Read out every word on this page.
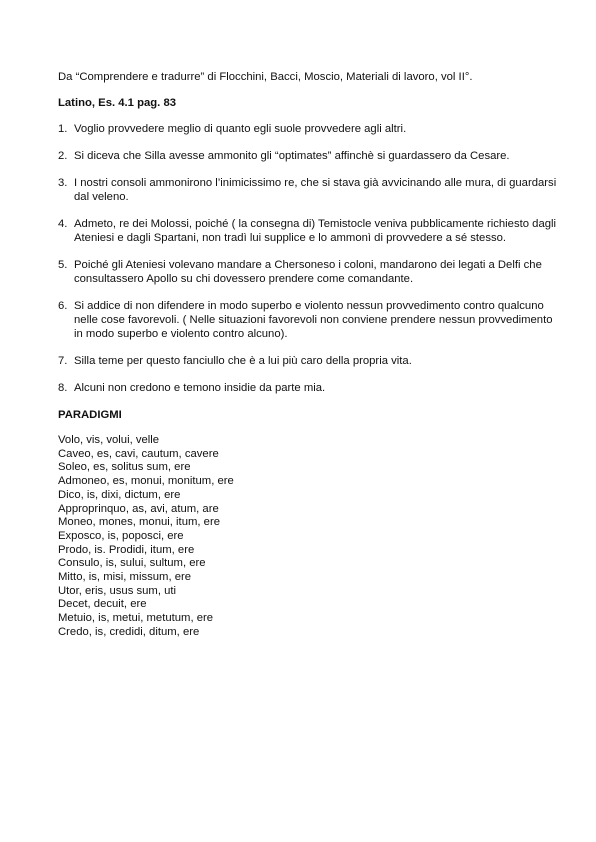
Da “Comprendere e tradurre” di Flocchini, Bacci, Moscio, Materiali di lavoro, vol II°.

Latino, Es. 4.1 pag. 83

1. Voglio provvedere meglio di quanto egli suole provvedere agli altri.
2. Si diceva che Silla avesse ammonito gli “optimates” affinchè si guardassero da Cesare.
3. I nostri consoli ammonirono l’inimicissimo re, che si stava già avvicinando alle mura, di guardarsi dal veleno.
4. Admeto, re dei Molossi, poiché ( la consegna di) Temistocle veniva pubblicamente richiesto dagli Ateniesi e dagli Spartani, non tradì lui supplice e lo ammonì di provvedere a sé stesso.
5. Poiché gli Ateniesi volevano mandare a Chersoneso i coloni, mandarono dei legati a Delfi che consultassero Apollo su chi dovessero prendere come comandante.
6. Si addice di non difendere in modo superbo e violento nessun provvedimento contro qualcuno nelle cose favorevoli. ( Nelle situazioni favorevoli non conviene prendere nessun provvedimento in modo superbo e violento contro alcuno).
7. Silla teme per questo fanciullo che è a lui più caro della propria vita.
8. Alcuni non credono e temono insidie da parte mia.

PARADIGMI

Volo, vis, volui, velle
Caveo, es, cavi, cautum, cavere
Soleo, es, solitus sum, ere
Admoneo, es, monui, monitum, ere
Dico, is, dixi, dictum, ere
Approprinquo, as, avi, atum, are
Moneo, mones, monui, itum, ere
Exposco, is, poposci, ere
Prodo, is. Prodidi, itum, ere
Consulo, is, sului, sultum, ere
Mitto, is, misi, missum, ere
Utor, eris, usus sum, uti
Decet, decuit, ere
Metuio, is, metui, metutum, ere
Credo, is, credidi, ditum, ere
